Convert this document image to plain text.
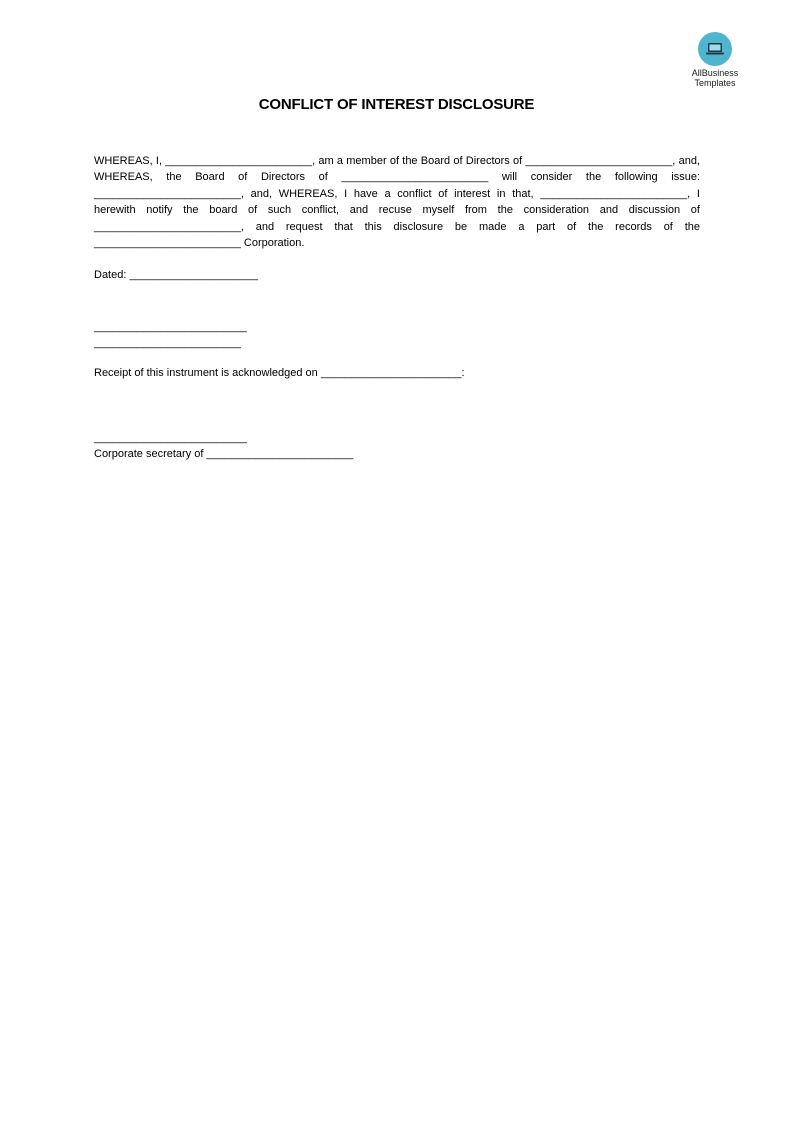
AllBusiness
Templates
CONFLICT OF INTEREST DISCLOSURE
WHEREAS, I, ________________________, am a member of the Board of Directors of ________________________, and, WHEREAS, the Board of Directors of ________________________ will consider the following issue: ________________________, and, WHEREAS, I have a conflict of interest in that, ________________________, I herewith notify the board of such conflict, and recuse myself from the consideration and discussion of ________________________, and request that this disclosure be made a part of the records of the ________________________ Corporation.
Dated: _____________________
_________________________
________________________
Receipt of this instrument is acknowledged on _______________________:
_________________________
Corporate secretary of ________________________
